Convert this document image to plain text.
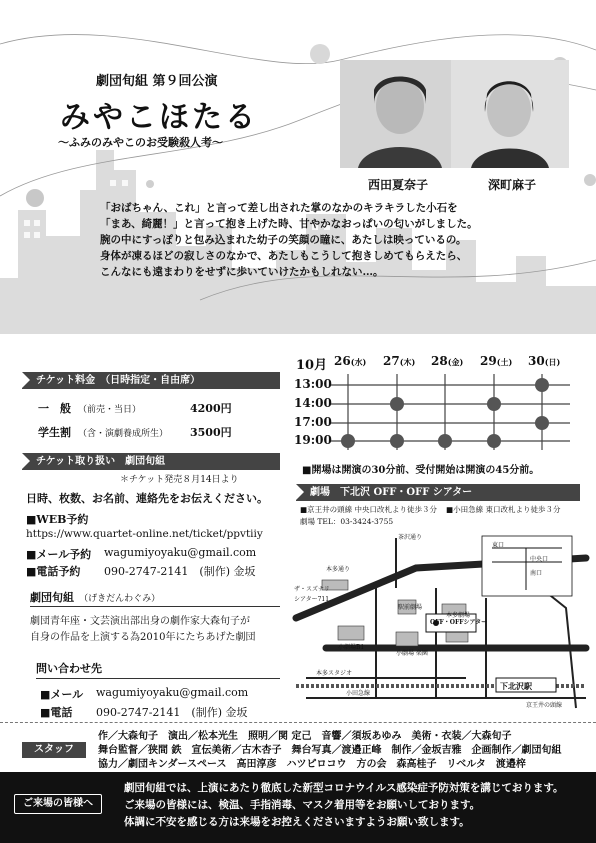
劇団旬組 第９回公演
みやこほたる
〜ふみのみやこのお受験殺人考〜
西田夏奈子	深町麻子
「おばちゃん、これ」と言って差し出された掌のなかのキラキラした小石を
「まあ、綺麗！」と言って抱き上げた時、甘やかなおっぱいの匂いがしました。
腕の中にすっぽりと包み込まれた幼子の笑顔の瞳に、あたしは映っているの。
身体が凍るほどの寂しさのなかで、あたしもこうして抱きしめてもらえたら、
こんなにも遠まわりをせずに歩いていけたかもしれない…。
チケット料金　（日時指定・自由席）
一　般 （前売・当日）	4200円
学生割 （含・演劇養成所生） 3500円
チケット取り扱い　劇団旬組
＊チケット発売８月14日より
日時、枚数、お名前、連絡先をお伝えください。
■WEB予約
https://www.quartet-online.net/ticket/ppvtiiy
■メール予約 wagumiyoyaku@gmail.com
■電話予約 090-2747-2141　(制作) 金坂
劇団旬組 （げきだんわぐみ）
劇団青年座・文芸演出部出身の劇作家大森旬子が
自身の作品を上演する為2010年にたちあげた劇団
問い合わせ先
■メール wagumiyoyaku@gmail.com
■電話 090-2747-2141　(制作) 金坂
10月 26(水) 27(木) 28(金) 29(土) 30(日)
13:00
14:00
17:00
19:00
■開場は開演の30分前、受付開始は開演の45分前。
劇場　下北沢 OFF・OFF シアター
■京王井の頭線 中央口改札より徒歩３分 ■小田急線 東口改札より徒歩３分
劇場 TEL：03-3424-3755
茶沢通り
ザ・スズナリ
シアター711
本多劇場
駅前劇場
OFF・OFFシアター
小劇場B1
小劇場 楽園
下北沢駅
小田急線
京王井の頭線
本多スタジオ
東口
中央口
南口
本多通り
スタッフ
作／大森旬子　演出／松本光生　照明／関 定己　音響／須坂あゆみ　美術・衣装／大森旬子
舞台監督／狭間 鉄　宣伝美術／古木杏子　舞台写真／渡邉正峰　制作／金坂吉雅　企画制作／劇団旬組
協力／劇団キンダースペース　高田淳彦　ハツピロコウ　方の会　森高桂子　リベルタ　渡邉梓
ご来場の皆様へ
劇団旬組では、上演にあたり徹底した新型コロナウイルス感染症予防対策を講じております。
ご来場の皆様には、検温、手指消毒、マスク着用等をお願いしております。
体調に不安を感じる方は来場をお控えくださいますようお願い致します。
